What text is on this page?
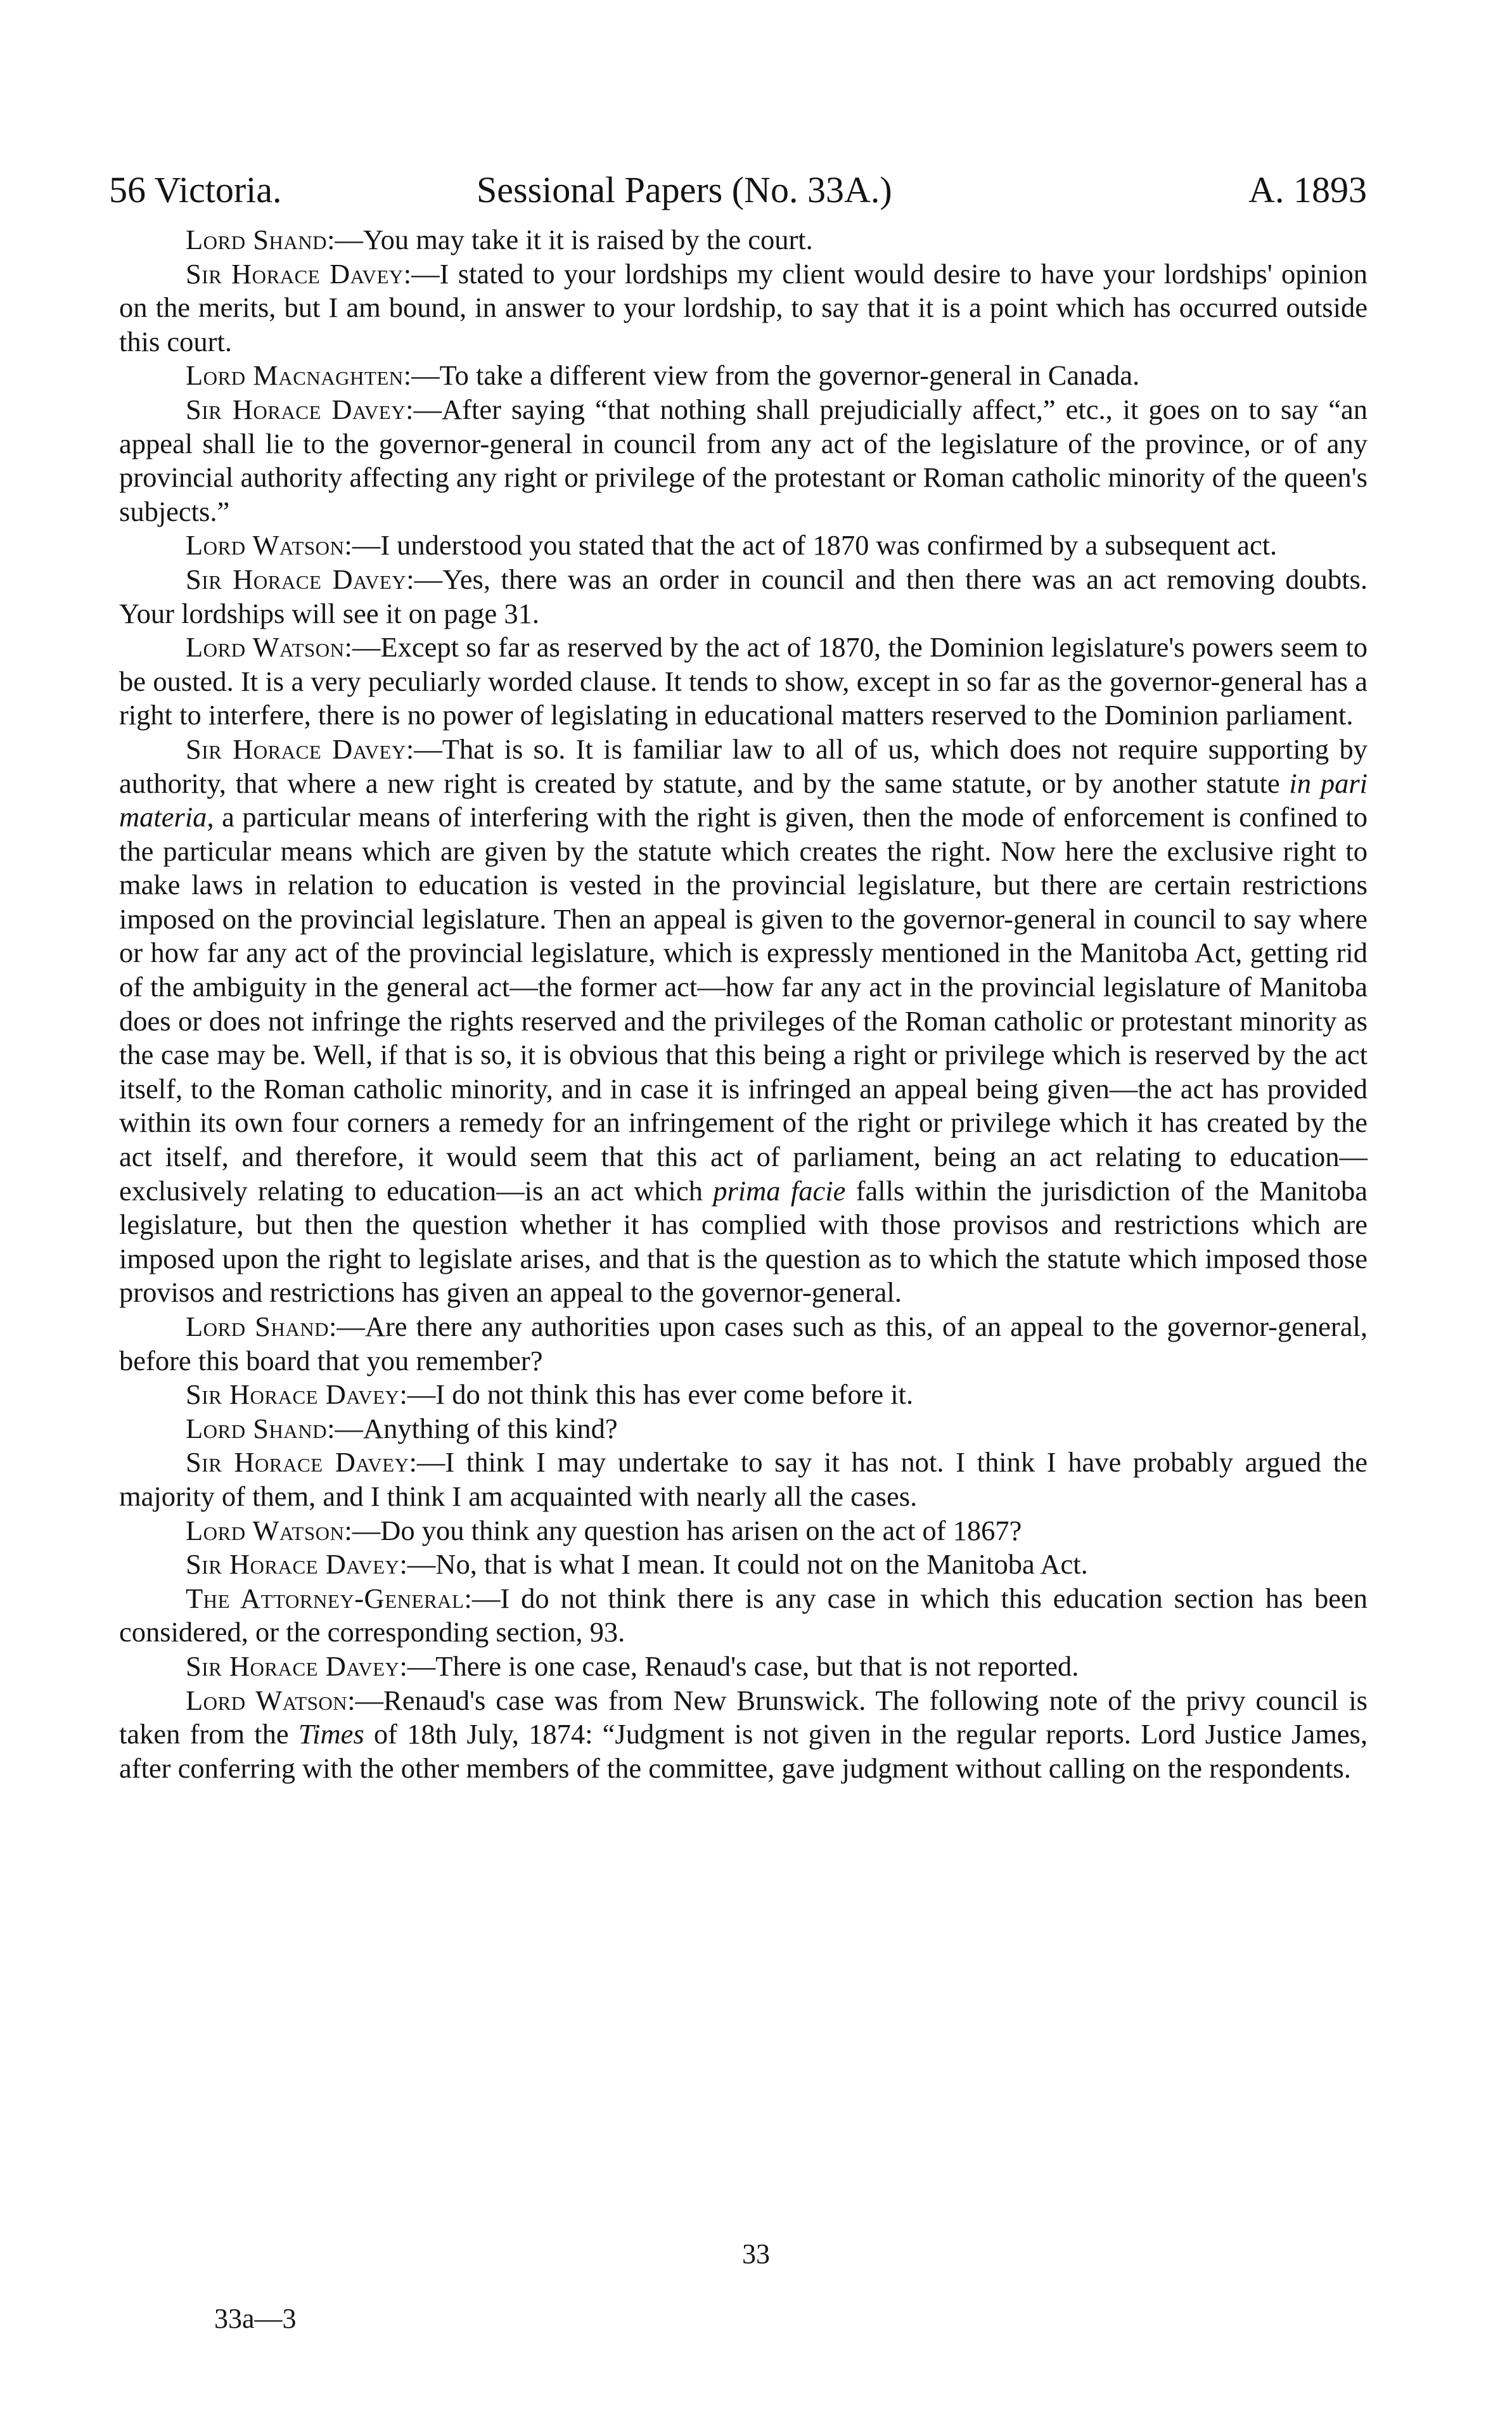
56 Victoria.	Sessional Papers (No. 33A.)	A. 1893

Lord Shand:—You may take it it is raised by the court.

Sir Horace Davey:—I stated to your lordships my client would desire to have your lordships' opinion on the merits, but I am bound, in answer to your lordship, to say that it is a point which has occurred outside this court.

Lord Macnaghten:—To take a different view from the governor-general in Canada.

Sir Horace Davey:—After saying “that nothing shall prejudicially affect,” etc., it goes on to say “an appeal shall lie to the governor-general in council from any act of the legislature of the province, or of any provincial authority affecting any right or privilege of the protestant or Roman catholic minority of the queen's subjects.”

Lord Watson:—I understood you stated that the act of 1870 was confirmed by a subsequent act.

Sir Horace Davey:—Yes, there was an order in council and then there was an act removing doubts. Your lordships will see it on page 31.

Lord Watson:—Except so far as reserved by the act of 1870, the Dominion legislature's powers seem to be ousted. It is a very peculiarly worded clause. It tends to show, except in so far as the governor-general has a right to interfere, there is no power of legislating in educational matters reserved to the Dominion parliament.

Sir Horace Davey:—That is so. It is familiar law to all of us, which does not require supporting by authority, that where a new right is created by statute, and by the same statute, or by another statute in pari materia, a particular means of interfering with the right is given, then the mode of enforcement is confined to the particular means which are given by the statute which creates the right. Now here the exclusive right to make laws in relation to education is vested in the provincial legislature, but there are certain restrictions imposed on the provincial legislature. Then an appeal is given to the governor-general in council to say where or how far any act of the provincial legislature, which is expressly mentioned in the Manitoba Act, getting rid of the ambiguity in the general act—the former act—how far any act in the provincial legislature of Manitoba does or does not infringe the rights reserved and the privileges of the Roman catholic or protestant minority as the case may be. Well, if that is so, it is obvious that this being a right or privilege which is reserved by the act itself, to the Roman catholic minority, and in case it is infringed an appeal being given—the act has provided within its own four corners a remedy for an infringement of the right or privilege which it has created by the act itself, and therefore, it would seem that this act of parliament, being an act relating to education—exclusively relating to education—is an act which prima facie falls within the jurisdiction of the Manitoba legislature, but then the question whether it has complied with those provisos and restrictions which are imposed upon the right to legislate arises, and that is the question as to which the statute which imposed those provisos and restrictions has given an appeal to the governor-general.

Lord Shand:—Are there any authorities upon cases such as this, of an appeal to the governor-general, before this board that you remember?

Sir Horace Davey:—I do not think this has ever come before it.

Lord Shand:—Anything of this kind?

Sir Horace Davey:—I think I may undertake to say it has not. I think I have probably argued the majority of them, and I think I am acquainted with nearly all the cases.

Lord Watson:—Do you think any question has arisen on the act of 1867?

Sir Horace Davey:—No, that is what I mean. It could not on the Manitoba Act.

The Attorney-General:—I do not think there is any case in which this education section has been considered, or the corresponding section, 93.

Sir Horace Davey:—There is one case, Renaud's case, but that is not reported.

Lord Watson:—Renaud's case was from New Brunswick. The following note of the privy council is taken from the Times of 18th July, 1874: “Judgment is not given in the regular reports. Lord Justice James, after conferring with the other members of the committee, gave judgment without calling on the respondents.

33
33a—3
